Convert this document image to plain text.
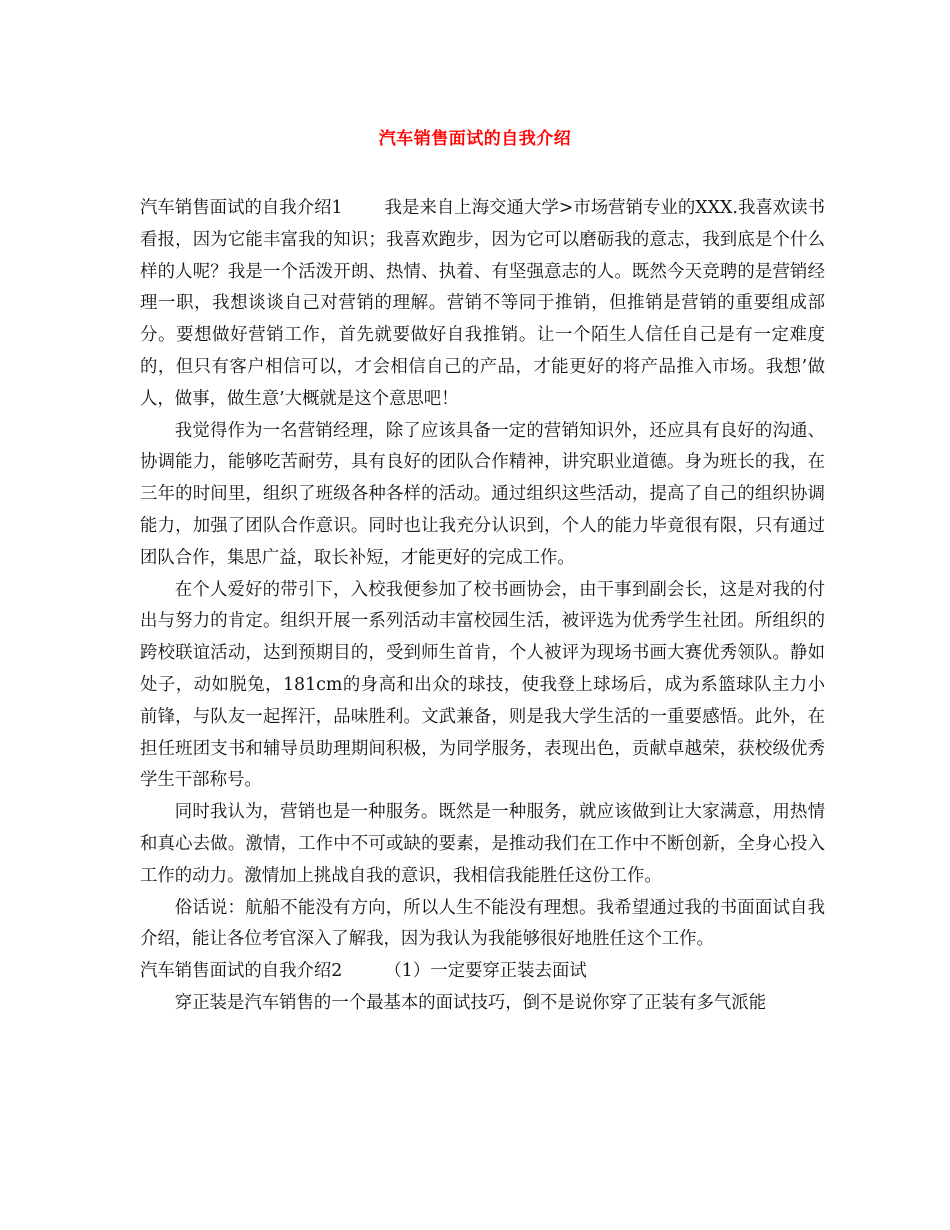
汽车销售面试的自我介绍

汽车销售面试的自我介绍1 我是来自上海交通大学>市场营销专业的XXX.我喜欢读书看报，因为它能丰富我的知识；我喜欢跑步，因为它可以磨砺我的意志，我到底是个什么样的人呢？我是一个活泼开朗、热情、执着、有坚强意志的人。既然今天竞聘的是营销经理一职，我想谈谈自己对营销的理解。营销不等同于推销，但推销是营销的重要组成部分。要想做好营销工作，首先就要做好自我推销。让一个陌生人信任自己是有一定难度的，但只有客户相信可以，才会相信自己的产品，才能更好的将产品推入市场。我想’做人，做事，做生意’大概就是这个意思吧！

我觉得作为一名营销经理，除了应该具备一定的营销知识外，还应具有良好的沟通、协调能力，能够吃苦耐劳，具有良好的团队合作精神，讲究职业道德。身为班长的我，在三年的时间里，组织了班级各种各样的活动。通过组织这些活动，提高了自己的组织协调能力，加强了团队合作意识。同时也让我充分认识到，个人的能力毕竟很有限，只有通过团队合作，集思广益，取长补短，才能更好的完成工作。

在个人爱好的带引下，入校我便参加了校书画协会，由干事到副会长，这是对我的付出与努力的肯定。组织开展一系列活动丰富校园生活，被评选为优秀学生社团。所组织的跨校联谊活动，达到预期目的，受到师生首肯，个人被评为现场书画大赛优秀领队。静如处子，动如脱兔，181cm的身高和出众的球技，使我登上球场后，成为系篮球队主力小前锋，与队友一起挥汗，品味胜利。文武兼备，则是我大学生活的一重要感悟。此外，在担任班团支书和辅导员助理期间积极，为同学服务，表现出色，贡献卓越荣，获校级优秀学生干部称号。

同时我认为，营销也是一种服务。既然是一种服务，就应该做到让大家满意，用热情和真心去做。激情，工作中不可或缺的要素，是推动我们在工作中不断创新，全身心投入工作的动力。激情加上挑战自我的意识，我相信我能胜任这份工作。

俗话说：航船不能没有方向，所以人生不能没有理想。我希望通过我的书面面试自我介绍，能让各位考官深入了解我，因为我认为我能够很好地胜任这个工作。

汽车销售面试的自我介绍2 （1）一定要穿正装去面试

穿正装是汽车销售的一个最基本的面试技巧，倒不是说你穿了正装有多气派能
